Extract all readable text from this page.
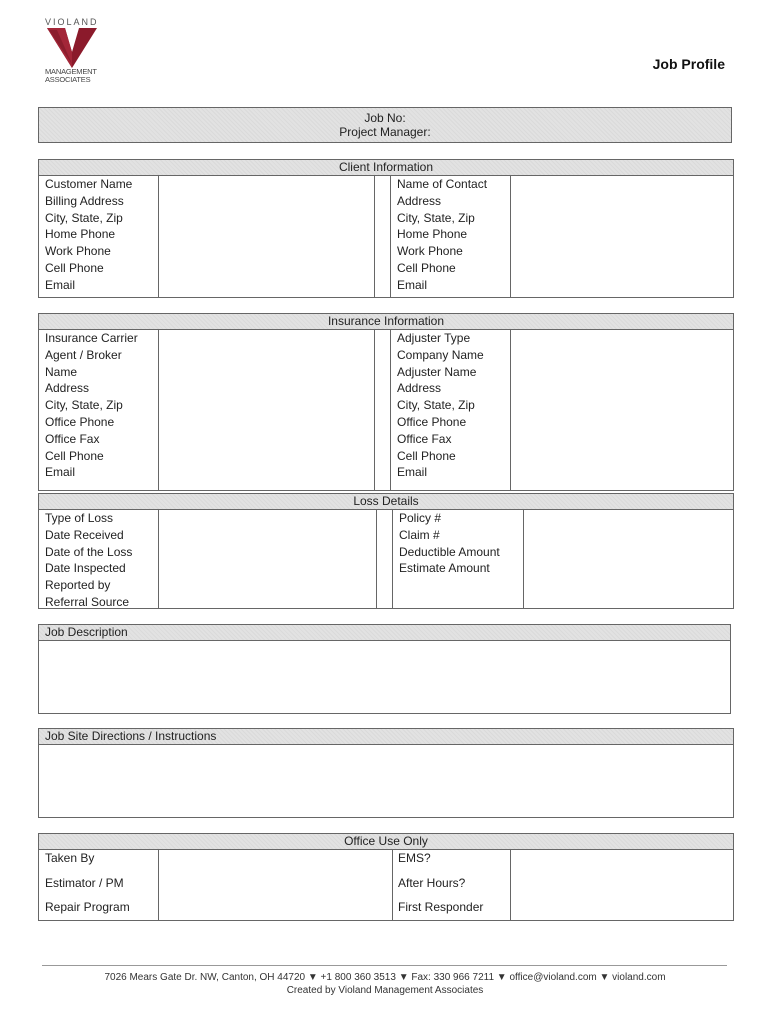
VIOLAND
MANAGEMENT
ASSOCIATES
Job Profile
Job No:
Project Manager:
Client Information
Customer Name
Billing Address
City, State, Zip
Home Phone
Work Phone
Cell Phone
Email
Name of Contact
Address
City, State, Zip
Home Phone
Work Phone
Cell Phone
Email
Insurance Information
Insurance Carrier
Agent / Broker
Name
Address
City, State, Zip
Office Phone
Office Fax
Cell Phone
Email
Adjuster Type
Company Name
Adjuster Name
Address
City, State, Zip
Office Phone
Office Fax
Cell Phone
Email
Loss Details
Type of Loss
Date Received
Date of the Loss
Date Inspected
Reported by
Referral Source
Policy #
Claim #
Deductible Amount
Estimate Amount
Job Description
Job Site Directions / Instructions
Office Use Only
Taken By
Estimator / PM
Repair Program
EMS?
After Hours?
First Responder
7026 Mears Gate Dr. NW, Canton, OH 44720 ▼ +1 800 360 3513 ▼ Fax: 330 966 7211 ▼ office@violand.com ▼ violand.com
Created by Violand Management Associates
